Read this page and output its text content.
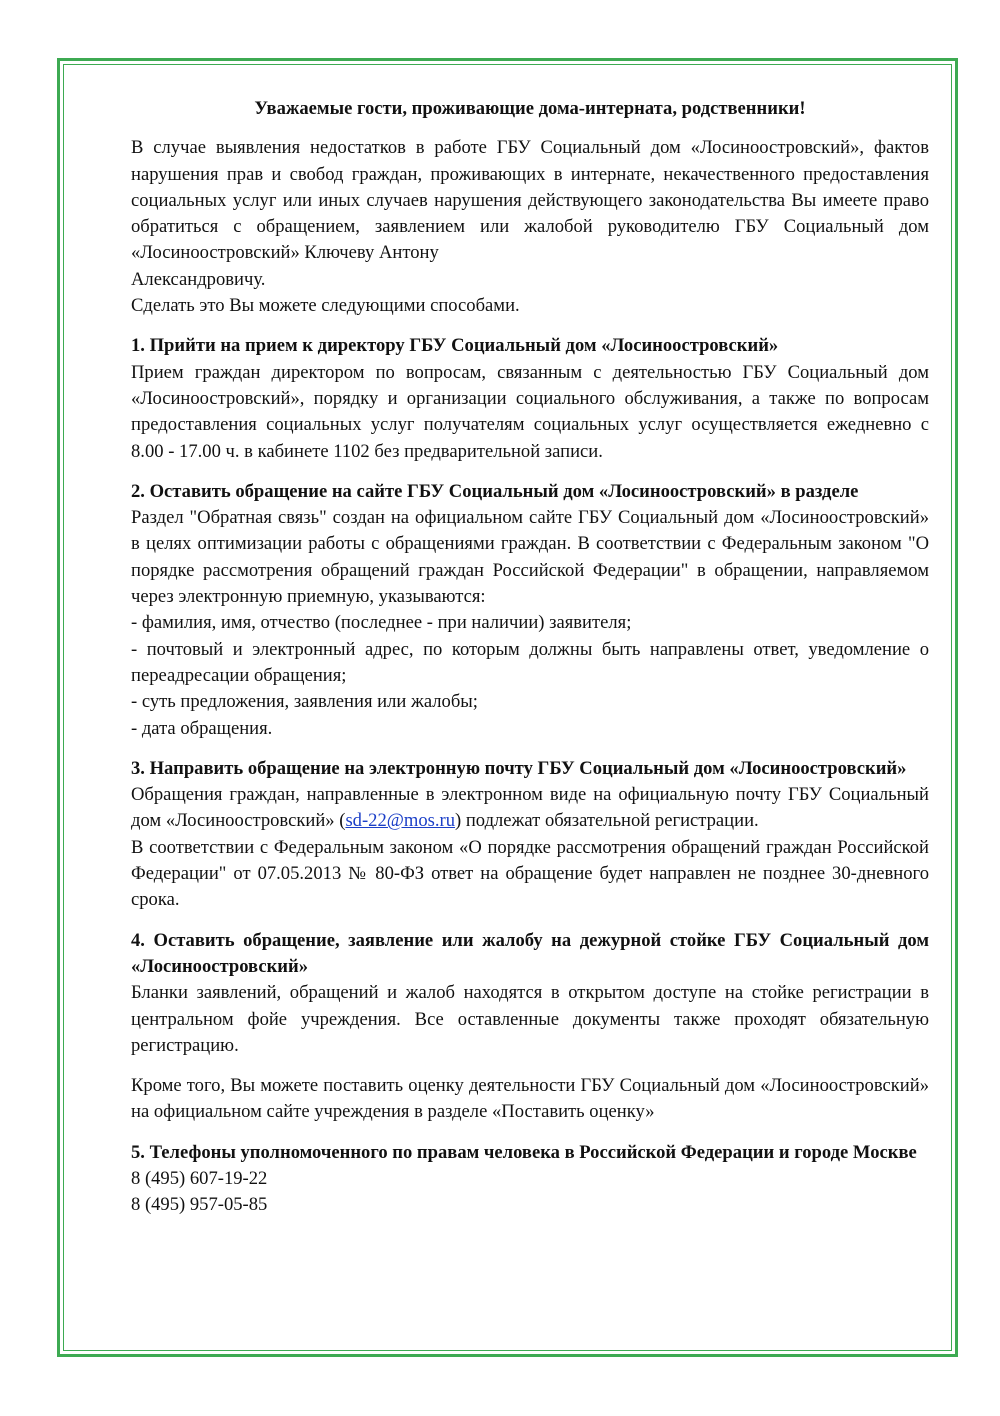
Уважаемые гости, проживающие дома-интерната, родственники!

В случае выявления недостатков в работе ГБУ Социальный дом «Лосиноостровский», фактов нарушения прав и свобод граждан, проживающих в интернате, некачественного предоставления социальных услуг или иных случаев нарушения действующего законодательства Вы имеете право обратиться с обращением, заявлением или жалобой руководителю ГБУ Социальный дом «Лосиноостровский» Ключеву Антону
Александровичу.

Сделать это Вы можете следующими способами.

1. Прийти на прием к директору ГБУ Социальный дом «Лосиноостровский»

Прием граждан директором по вопросам, связанным с деятельностью ГБУ Социальный дом «Лосиноостровский», порядку и организации социального обслуживания, а также по вопросам предоставления социальных услуг получателям социальных услуг осуществляется ежедневно с 8.00 - 17.00 ч. в кабинете 1102 без предварительной записи.

2. Оставить обращение на сайте ГБУ Социальный дом «Лосиноостровский» в разделе

Раздел "Обратная связь" создан на официальном сайте ГБУ Социальный дом «Лосиноостровский» в целях оптимизации работы с обращениями граждан. В соответствии с Федеральным законом "О порядке рассмотрения обращений граждан Российской Федерации" в обращении, направляемом через электронную приемную, указываются:

- фамилия, имя, отчество (последнее - при наличии) заявителя;

- почтовый и электронный адрес, по которым должны быть направлены ответ, уведомление о переадресации обращения;

- суть предложения, заявления или жалобы;

- дата обращения.

3. Направить обращение на электронную почту ГБУ Социальный дом «Лосиноостровский»

Обращения граждан, направленные в электронном виде на официальную почту ГБУ Социальный дом «Лосиноостровский» (sd-22@mos.ru) подлежат обязательной регистрации.

В соответствии с Федеральным законом «О порядке рассмотрения обращений граждан Российской Федерации" от 07.05.2013 № 80-ФЗ ответ на обращение будет направлен не позднее 30-дневного срока.

4. Оставить обращение, заявление или жалобу на дежурной стойке ГБУ Социальный дом «Лосиноостровский»

Бланки заявлений, обращений и жалоб находятся в открытом доступе на стойке регистрации в центральном фойе учреждения. Все оставленные документы также проходят обязательную регистрацию.

Кроме того, Вы можете поставить оценку деятельности ГБУ Социальный дом «Лосиноостровский» на официальном сайте учреждения в разделе «Поставить оценку»

5. Телефоны уполномоченного по правам человека в Российской Федерации и городе Москве

8 (495) 607-19-22

8 (495) 957-05-85
